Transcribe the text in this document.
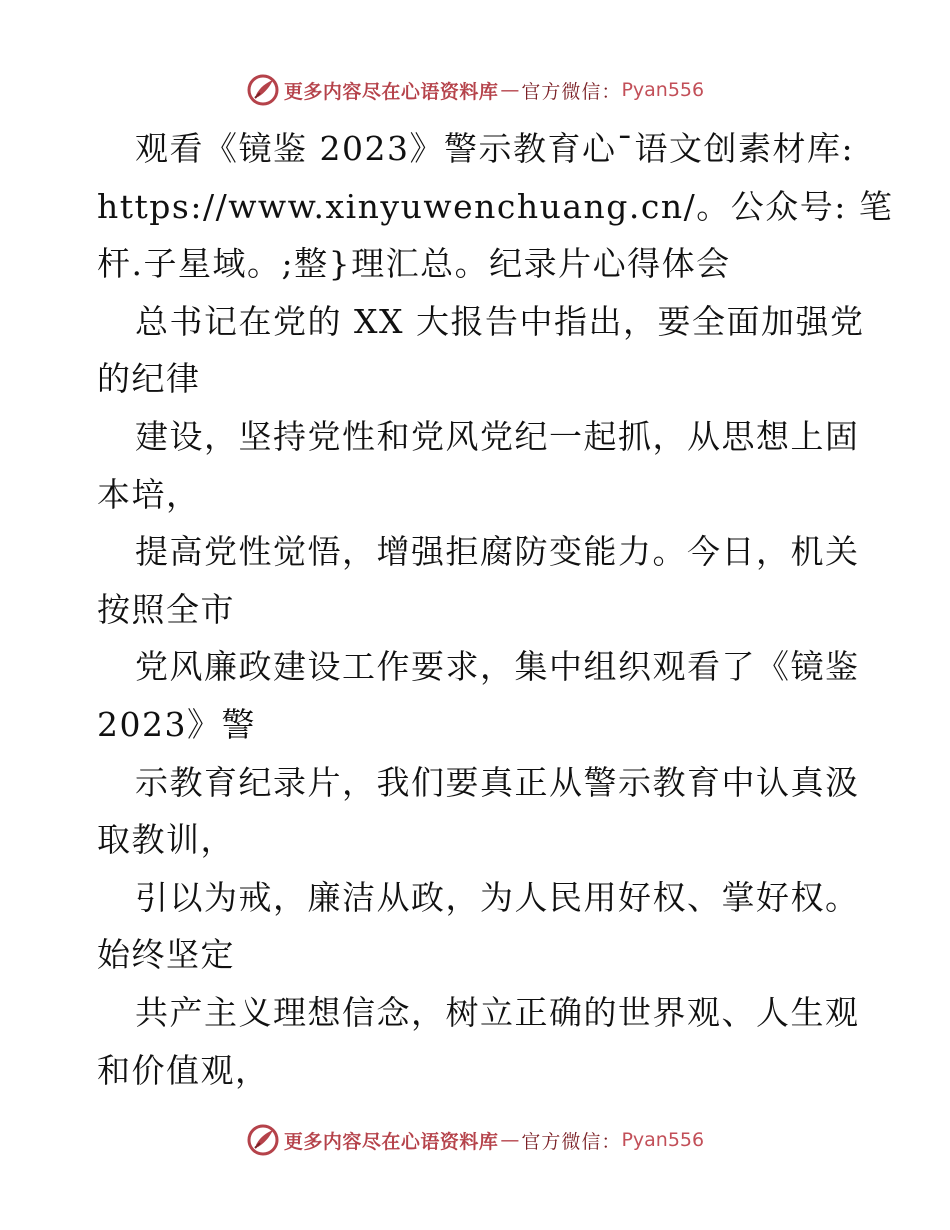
更多内容尽在心语资料库 — 官方微信： Pyan556
观看《镜鉴 2023》警示教育心¯语文创素材库:
https://www.xinyuwenchuang.cn/。公众号: 笔
杆.子星域。;整}理汇总。纪录片心得体会
总书记在党的 XX 大报告中指出，要全面加强党
的纪律
建设，坚持党性和党风党纪一起抓，从思想上固
本培，
提高党性觉悟，增强拒腐防变能力。今日，机关
按照全市
党风廉政建设工作要求，集中组织观看了《镜鉴
2023》警
示教育纪录片，我们要真正从警示教育中认真汲
取教训，
引以为戒，廉洁从政，为人民用好权、掌好权。
始终坚定
共产主义理想信念，树立正确的世界观、人生观
和价值观，
更多内容尽在心语资料库 — 官方微信： Pyan556
